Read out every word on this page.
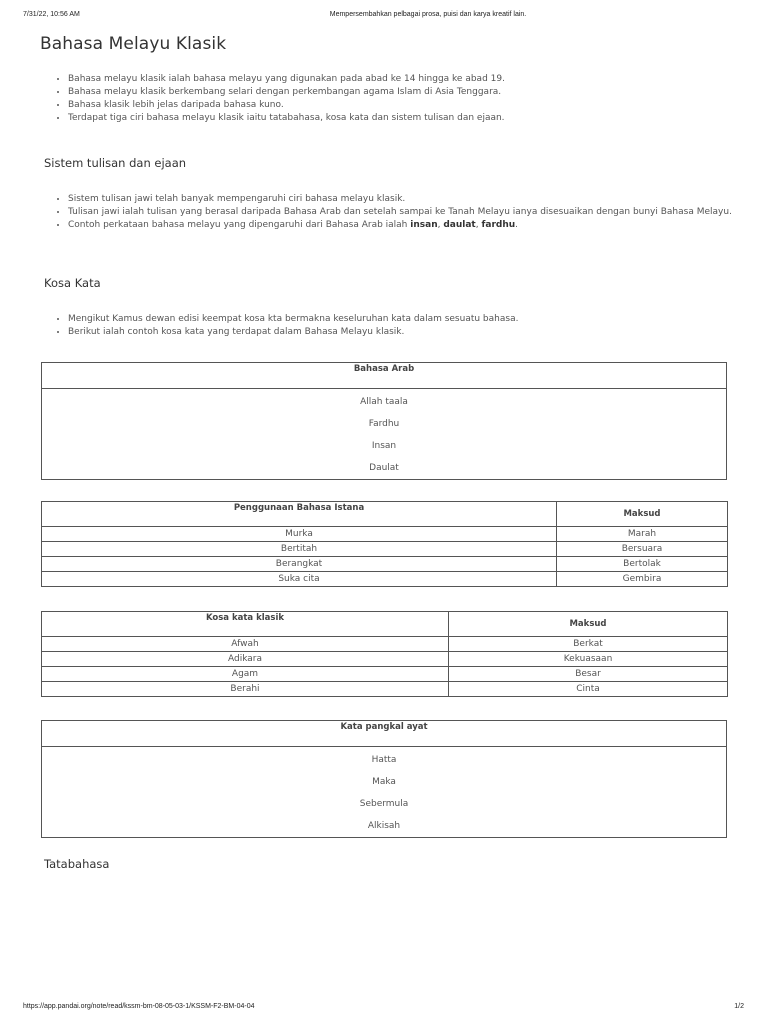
7/31/22, 10:56 AM	Mempersembahkan pelbagai prosa, puisi dan karya kreatif lain.
Bahasa Melayu Klasik
• Bahasa melayu klasik ialah bahasa melayu yang digunakan pada abad ke 14 hingga ke abad 19.
• Bahasa melayu klasik berkembang selari dengan perkembangan agama Islam di Asia Tenggara.
• Bahasa klasik lebih jelas daripada bahasa kuno.
• Terdapat tiga ciri bahasa melayu klasik iaitu tatabahasa, kosa kata dan sistem tulisan dan ejaan.
Sistem tulisan dan ejaan
• Sistem tulisan jawi telah banyak mempengaruhi ciri bahasa melayu klasik.
• Tulisan jawi ialah tulisan yang berasal daripada Bahasa Arab dan setelah sampai ke Tanah Melayu ianya disesuaikan dengan bunyi Bahasa Melayu.
• Contoh perkataan bahasa melayu yang dipengaruhi dari Bahasa Arab ialah insan, daulat, fardhu.
Kosa Kata
• Mengikut Kamus dewan edisi keempat kosa kta bermakna keseluruhan kata dalam sesuatu bahasa.
• Berikut ialah contoh kosa kata yang terdapat dalam Bahasa Melayu klasik.
Bahasa Arab
Allah taala
Fardhu
Insan
Daulat
Penggunaan Bahasa Istana	Maksud
Murka	Marah
Bertitah	Bersuara
Berangkat	Bertolak
Suka cita	Gembira
Kosa kata klasik	Maksud
Afwah	Berkat
Adikara	Kekuasaan
Agam	Besar
Berahi	Cinta
Kata pangkal ayat
Hatta
Maka
Sebermula
Alkisah
Tatabahasa
https://app.pandai.org/note/read/kssm-bm-08-05-03-1/KSSM-F2-BM-04-04	1/2
